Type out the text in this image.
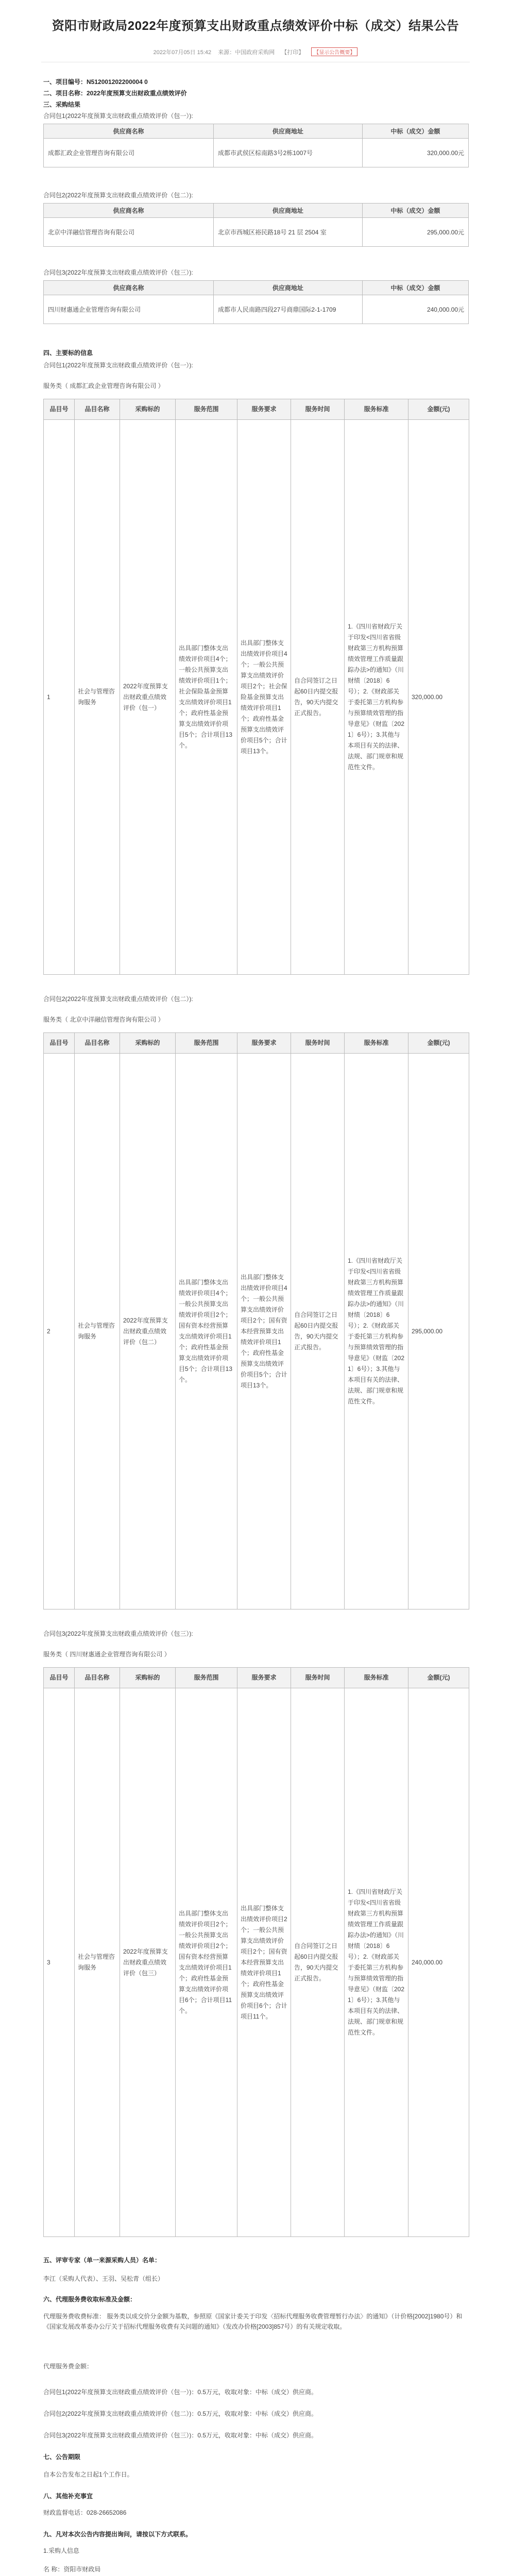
资阳市财政局2022年度预算支出财政重点绩效评价中标（成交）结果公告
2022年07月05日 15:42 来源：中国政府采购网 【打印】 【显示公告概要】
一、项目编号：N512001202200004 0
二、项目名称：2022年度预算支出财政重点绩效评价
三、采购结果
合同包1(2022年度预算支出财政重点绩效评价（包一）):
供应商名称	供应商地址	中标（成交）金额
成都汇政企业管理咨询有限公司	成都市武侯区棕南路3号2栋1007号	320,000.00元
合同包2(2022年度预算支出财政重点绩效评价（包二）):
供应商名称	供应商地址	中标（成交）金额
北京中洋融信管理咨询有限公司	北京市西城区裕民路18号 21 层 2504 室	295,000.00元
合同包3(2022年度预算支出财政重点绩效评价（包三）):
供应商名称	供应商地址	中标（成交）金额
四川财惠通企业管理咨询有限公司	成都市人民南路四段27号商鼎国际2-1-1709	240,000.00元
四、主要标的信息
合同包1(2022年度预算支出财政重点绩效评价（包一）):
服务类（ 成都汇政企业管理咨询有限公司 ）
品目号	品目名称	采购标的	服务范围	服务要求	服务时间	服务标准	金额(元)
1	社会与管理咨询服务	2022年度预算支出财政重点绩效评价（包一）	出具部门整体支出绩效评价项目4个；一般公共预算支出绩效评价项目1个；社会保险基金预算支出绩效评价项目1个；政府性基金预算支出绩效评价项目5个；合计项目13个。	出具部门整体支出绩效评价项目4个；一般公共预算支出绩效评价项目2个；社会保险基金预算支出绩效评价项目1个；政府性基金预算支出绩效评价项目5个；合计项目13个。	自合同签订之日起60日内提交报告，90天内提交正式报告。	1.《四川省财政厅关于印发<四川省省级财政第三方机构预算绩效管理工作质量跟踪办法>的通知》（川财绩〔2018〕6号）；2.《财政部关于委托第三方机构参与预算绩效管理的指导意见》（财监〔2021〕6号）；3.其他与本项目有关的法律、法规、部门规章和规范性文件。	320,000.00
合同包2(2022年度预算支出财政重点绩效评价（包二）):
服务类（ 北京中洋融信管理咨询有限公司 ）
品目号	品目名称	采购标的	服务范围	服务要求	服务时间	服务标准	金额(元)
2	社会与管理咨询服务	2022年度预算支出财政重点绩效评价（包二）	出具部门整体支出绩效评价项目4个；一般公共预算支出绩效评价项目2个；国有资本经营预算支出绩效评价项目1个；政府性基金预算支出绩效评价项目5个；合计项目13个。	出具部门整体支出绩效评价项目4个；一般公共预算支出绩效评价项目2个；国有资本经营预算支出绩效评价项目1个；政府性基金预算支出绩效评价项目5个；合计项目13个。	自合同签订之日起60日内提交报告，90天内提交正式报告。	1.《四川省财政厅关于印发<四川省省级财政第三方机构预算绩效管理工作质量跟踪办法>的通知》（川财绩〔2018〕6号）；2.《财政部关于委托第三方机构参与预算绩效管理的指导意见》（财监〔2021〕6号）；3.其他与本项目有关的法律、法规、部门规章和规范性文件。	295,000.00
合同包3(2022年度预算支出财政重点绩效评价（包三）):
服务类（ 四川财惠通企业管理咨询有限公司 ）
品目号	品目名称	采购标的	服务范围	服务要求	服务时间	服务标准	金额(元)
3	社会与管理咨询服务	2022年度预算支出财政重点绩效评价（包三）	出具部门整体支出绩效评价项目2个；一般公共预算支出绩效评价项目2个；国有资本经营预算支出绩效评价项目1个；政府性基金预算支出绩效评价项目6个；合计项目11个。	出具部门整体支出绩效评价项目2个；一般公共预算支出绩效评价项目2个；国有资本经营预算支出绩效评价项目1个；政府性基金预算支出绩效评价项目6个；合计项目11个。	自合同签订之日起60日内提交报告，90天内提交正式报告。	1.《四川省财政厅关于印发<四川省省级财政第三方机构预算绩效管理工作质量跟踪办法>的通知》（川财绩〔2018〕6号）；2.《财政部关于委托第三方机构参与预算绩效管理的指导意见》（财监〔2021〕6号）；3.其他与本项目有关的法律、法规、部门规章和规范性文件。	240,000.00
五、评审专家（单一来源采购人员）名单：
李江（采购人代表）、王羽、吴松青（组长）
六、代理服务费收取标准及金额：
代理服务费收费标准： 服务类以成交价分金额为基数，参照原《国家计委关于印发〈招标代理服务收费管理暂行办法〉的通知》（计价格[2002]1980号）和《国家发展改革委办公厅关于招标代理服务收费有关问题的通知》（发改办价格[2003]857号）的有关规定收取。
代理服务费金额：
合同包1(2022年度预算支出财政重点绩效评价（包一）)：0.5万元，收取对象：中标（成交）供应商。
合同包2(2022年度预算支出财政重点绩效评价（包二）)：0.5万元，收取对象：中标（成交）供应商。
合同包3(2022年度预算支出财政重点绩效评价（包三）)：0.5万元，收取对象：中标（成交）供应商。
七、公告期限
自本公告发布之日起1个工作日。
八、其他补充事宜
财政监督电话：028-26652086
九、凡对本次公告内容提出询问，请按以下方式联系。
1.采购人信息
名 称：资阳市财政局
